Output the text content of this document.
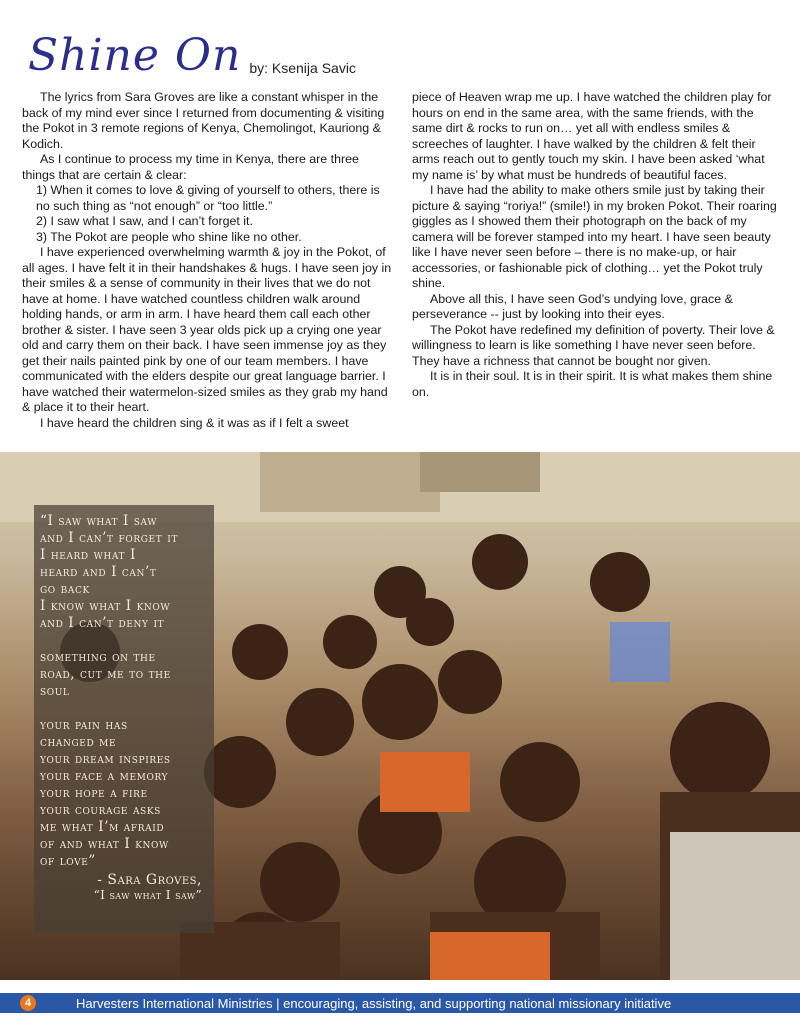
Shine On by: Ksenija Savic

The lyrics from Sara Groves are like a constant whisper in the back of my mind ever since I returned from documenting & visiting the Pokot in 3 remote regions of Kenya, Chemolingot, Kauriong & Kodich.

As I continue to process my time in Kenya, there are three things that are certain & clear:

1) When it comes to love & giving of yourself to others, there is no such thing as “not enough” or “too little.”

2) I saw what I saw, and I can’t forget it.

3) The Pokot are people who shine like no other.

I have experienced overwhelming warmth & joy in the Pokot, of all ages. I have felt it in their handshakes & hugs. I have seen joy in their smiles & a sense of community in their lives that we do not have at home. I have watched countless children walk around holding hands, or arm in arm. I have heard them call each other brother & sister. I have seen 3 year olds pick up a crying one year old and carry them on their back. I have seen immense joy as they get their nails painted pink by one of our team members. I have communicated with the elders despite our great language barrier. I have watched their watermelon-sized smiles as they grab my hand & place it to their heart.

I have heard the children sing & it was as if I felt a sweet

piece of Heaven wrap me up. I have watched the children play for hours on end in the same area, with the same friends, with the same dirt & rocks to run on… yet all with endless smiles & screeches of laughter. I have walked by the children & felt their arms reach out to gently touch my skin. I have been asked ‘what my name is’ by what must be hundreds of beautiful faces.

I have had the ability to make others smile just by taking their picture & saying “roriya!” (smile!) in my broken Pokot. Their roaring giggles as I showed them their photograph on the back of my camera will be forever stamped into my heart. I have seen beauty like I have never seen before – there is no make-up, or hair accessories, or fashionable pick of clothing… yet the Pokot truly shine.

Above all this, I have seen God’s undying love, grace & perseverance -- just by looking into their eyes.

The Pokot have redefined my definition of poverty. Their love & willingness to learn is like something I have never seen before. They have a richness that cannot be bought nor given.

It is in their soul. It is in their spirit. It is what makes them shine on.

“I saw what I saw
and I can’t forget it
I heard what I
heard and I can’t
go back
I know what I know
and I can’t deny it

something on the
road, cut me to the
soul

your pain has
changed me
your dream inspires
your face a memory
your hope a fire
your courage asks
me what I’m afraid
of and what I know
of love”
- Sara Groves,
“I saw what I saw”
4	Harvesters International Ministries | encouraging, assisting, and supporting national missionary initiative
